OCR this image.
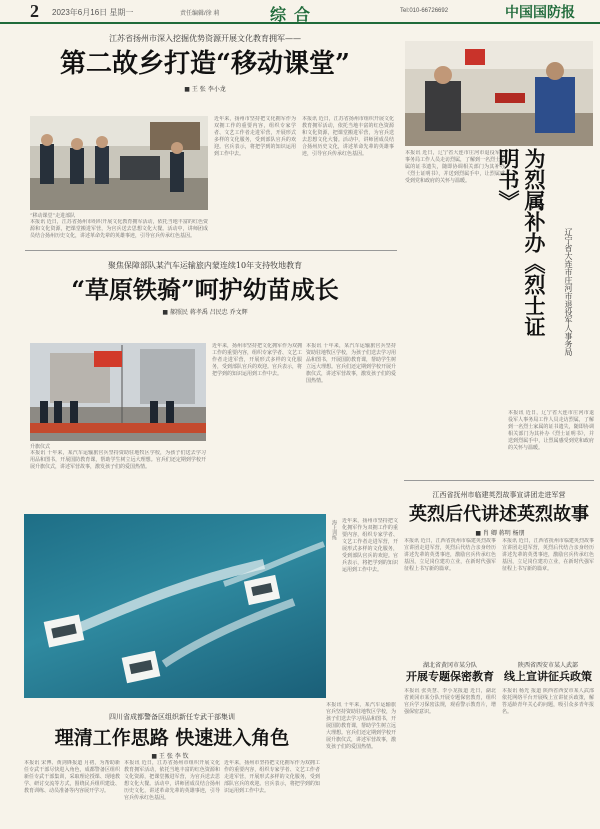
2 2023年6月16日 星期一	责任编辑/徐 莉	综合	Tel:010-66726692	中国国防报
江苏省扬州市深入挖掘优势资源开展文化教育拥军——
第二故乡打造“移动课堂”
■ 王 张 李小龙
“移动课堂”走进部队
本报讯 近日，江苏省扬州市组织开展文化教育拥军活动，依托当地丰富的红色资源和文化资源，把课堂搬进军营，为官兵送去思想文化大餐。活动中，讲师团成员结合扬州历史文化，讲述革命先辈的英雄事迹，引导官兵传承红色基因。
近年来，扬州市坚持把文化拥军作为双拥工作的重要内容，组织专家学者、文艺工作者走进军营，开展形式多样的文化服务，受到部队官兵的欢迎。官兵表示，将把学到的知识运用到工作中去。
本报讯 近日，江苏省扬州市组织开展文化教育拥军活动，依托当地丰富的红色资源和文化资源，把课堂搬进军营，为官兵送去思想文化大餐。活动中，讲师团成员结合扬州历史文化，讲述革命先辈的英雄事迹，引导官兵传承红色基因。
聚焦保障部队某汽车运输旅内蒙连续10年支持牧地教育
“草原铁骑”呵护幼苗成长
■ 郝照民 蒋孝禹 吕民忠 乔文辉
升旗仪式
本报讯 十年来，某汽车运输旅官兵坚持资助驻地牧区学校，为孩子们送去学习用品和图书，开展国防教育课，帮助学生树立远大理想。官兵们还定期到学校开展升旗仪式，讲述军营故事，激发孩子们的爱国热情。
近年来，扬州市坚持把文化拥军作为双拥工作的重要内容，组织专家学者、文艺工作者走进军营，开展形式多样的文化服务，受到部队官兵的欢迎。官兵表示，将把学到的知识运用到工作中去。
本报讯 十年来，某汽车运输旅官兵坚持资助驻地牧区学校，为孩子们送去学习用品和图书，开展国防教育课，帮助学生树立远大理想。官兵们还定期到学校开展升旗仪式，讲述军营故事，激发孩子们的爱国热情。
本报讯 近日，辽宁省大连市庄河市退役军人事务局工作人员走访烈属，了解到一名烈士家属的证书遗失，随即协调相关部门为其补办《烈士证明书》，并送到烈属手中，让烈属感受到党和政府的关怀与温暖。	为烈属补办《烈士证明书》
辽宁省大连市庄河市退役军人事务局
本报讯 近日，辽宁省大连市庄河市退役军人事务局工作人员走访烈属，了解到一名烈士家属的证书遗失，随即协调相关部门为其补办《烈士证明书》，并送到烈属手中，让烈属感受到党和政府的关怀与温暖。
江西省抚州市临建英烈故事宣讲团走进军营
英烈后代讲述英烈故事
■ 肖 卿 蒋明 杨朋
本报讯 近日，江西省抚州市临建英烈故事宣讲团走进军营，英烈后代结合亲身经历讲述先辈的英勇事迹，激励官兵传承红色基因，立足岗位建功立业，在新时代强军征程上书写新的篇章。
本报讯 近日，江西省抚州市临建英烈故事宣讲团走进军营，英烈后代结合亲身经历讲述先辈的英勇事迹，激励官兵传承红色基因，立足岗位建功立业，在新时代强军征程上书写新的篇章。
海上训练 近年来，扬州市坚持把文化拥军作为双拥工作的重要内容，组织专家学者、文艺工作者走进军营，开展形式多样的文化服务，受到部队官兵的欢迎。官兵表示，将把学到的知识运用到工作中去。
四川省成都警备区组织新任专武干部集训
理清工作思路 快速进入角色
■ 王 张 李 钦
本报讯 宋博、黄剑锋报道 月初，为帮助新任专武干部尽快进入角色，成都警备区组织新任专武干部集训，采取理论授课、现地教学、研讨交流等方式，围绕民兵组织建设、教育训练、动员准备等内容展开学习。
本报讯 近日，江苏省扬州市组织开展文化教育拥军活动，依托当地丰富的红色资源和文化资源，把课堂搬进军营，为官兵送去思想文化大餐。活动中，讲师团成员结合扬州历史文化，讲述革命先辈的英雄事迹，引导官兵传承红色基因。
近年来，扬州市坚持把文化拥军作为双拥工作的重要内容，组织专家学者、文艺工作者走进军营，开展形式多样的文化服务，受到部队官兵的欢迎。官兵表示，将把学到的知识运用到工作中去。
本报讯 十年来，某汽车运输旅官兵坚持资助驻地牧区学校，为孩子们送去学习用品和图书，开展国防教育课，帮助学生树立远大理想。官兵们还定期到学校开展升旗仪式，讲述军营故事，激发孩子们的爱国热情。
湖北省黄冈市某分队
开展专题保密教育
本报讯 张英慧、李小龙报道 近日，湖北省黄冈市某分队开展专题保密教育，组织官兵学习保密法规，观看警示教育片，增强保密意识。
陕西省西安市某人武部
线上宣讲征兵政策
本报讯 杨光 报道 陕西省西安市某人武部依托网络平台开展线上宣讲征兵政策，解答适龄青年关心的问题，吸引众多青年报名。
